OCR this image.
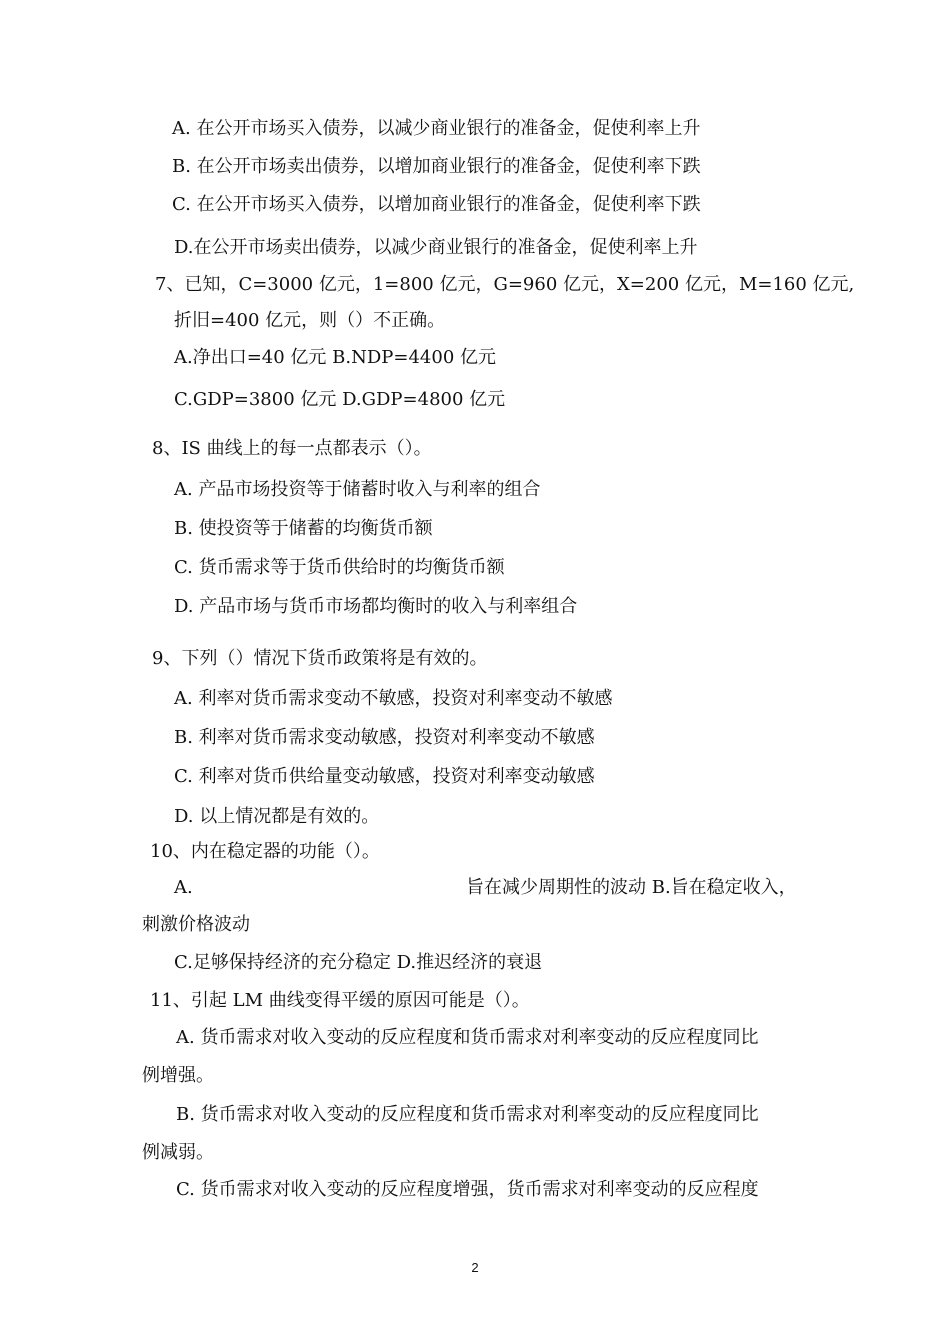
A. 在公开市场买入债券，以减少商业银行的准备金，促使利率上升
B. 在公开市场卖出债券，以增加商业银行的准备金，促使利率下跌
C. 在公开市场买入债券，以增加商业银行的准备金，促使利率下跌
D.在公开市场卖出债券，以减少商业银行的准备金，促使利率上升
7、已知，C=3000 亿元，1=800 亿元，G=960 亿元，X=200 亿元，M=160 亿元,
折旧=400 亿元，则（）不正确。
A.净出口=40 亿元 B.NDP=4400 亿元
C.GDP=3800 亿元 D.GDP=4800 亿元
8、IS 曲线上的每一点都表示（）。
A. 产品市场投资等于储蓄时收入与利率的组合
B. 使投资等于储蓄的均衡货币额
C. 货币需求等于货币供给时的均衡货币额
D. 产品市场与货币市场都均衡时的收入与利率组合
9、下列（）情况下货币政策将是有效的。
A. 利率对货币需求变动不敏感，投资对利率变动不敏感
B. 利率对货币需求变动敏感，投资对利率变动不敏感
C. 利率对货币供给量变动敏感，投资对利率变动敏感
D. 以上情况都是有效的。
10、内在稳定器的功能（）。
A.	旨在减少周期性的波动 B.旨在稳定收入，
刺激价格波动
C.足够保持经济的充分稳定 D.推迟经济的衰退
11、引起 LM 曲线变得平缓的原因可能是（）。
A. 货币需求对收入变动的反应程度和货币需求对利率变动的反应程度同比
例增强。
B. 货币需求对收入变动的反应程度和货币需求对利率变动的反应程度同比
例减弱。
C. 货币需求对收入变动的反应程度增强，货币需求对利率变动的反应程度
2
